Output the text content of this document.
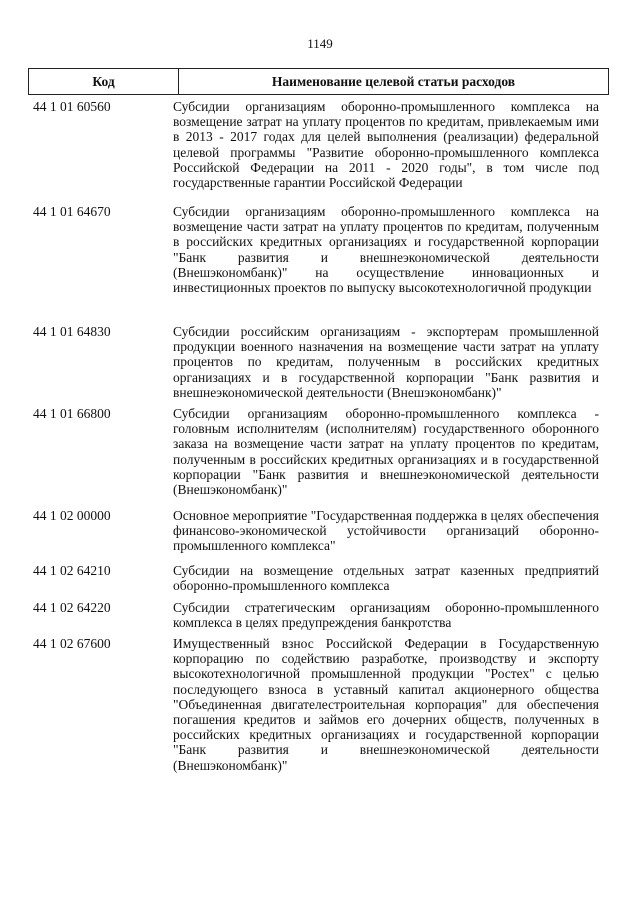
1149
Код	Наименование целевой статьи расходов
44 1 01 60560	Субсидии организациям оборонно-промышленного комплекса на возмещение затрат на уплату процентов по кредитам, привлекаемым ими в 2013 - 2017 годах для целей выполнения (реализации) федеральной целевой программы "Развитие оборонно-промышленного комплекса Российской Федерации на 2011 - 2020 годы", в том числе под государственные гарантии Российской Федерации
44 1 01 64670	Субсидии организациям оборонно-промышленного комплекса на возмещение части затрат на уплату процентов по кредитам, полученным в российских кредитных организациях и государственной корпорации "Банк развития и внешнеэкономической деятельности (Внешэкономбанк)" на осуществление инновационных и инвестиционных проектов по выпуску высокотехнологичной продукции
44 1 01 64830	Субсидии российским организациям - экспортерам промышленной продукции военного назначения на возмещение части затрат на уплату процентов по кредитам, полученным в российских кредитных организациях и в государственной корпорации "Банк развития и внешнеэкономической деятельности (Внешэкономбанк)"
44 1 01 66800	Субсидии организациям оборонно-промышленного комплекса - головным исполнителям (исполнителям) государственного оборонного заказа на возмещение части затрат на уплату процентов по кредитам, полученным в российских кредитных организациях и в государственной корпорации "Банк развития и внешнеэкономической деятельности (Внешэкономбанк)"
44 1 02 00000	Основное мероприятие "Государственная поддержка в целях обеспечения финансово-экономической устойчивости организаций оборонно-промышленного комплекса"
44 1 02 64210	Субсидии на возмещение отдельных затрат казенных предприятий оборонно-промышленного комплекса
44 1 02 64220	Субсидии стратегическим организациям оборонно-промышленного комплекса в целях предупреждения банкротства
44 1 02 67600	Имущественный взнос Российской Федерации в Государственную корпорацию по содействию разработке, производству и экспорту высокотехнологичной промышленной продукции "Ростех" с целью последующего взноса в уставный капитал акционерного общества "Объединенная двигателестроительная корпорация" для обеспечения погашения кредитов и займов его дочерних обществ, полученных в российских кредитных организациях и государственной корпорации "Банк развития и внешнеэкономической деятельности (Внешэкономбанк)"
